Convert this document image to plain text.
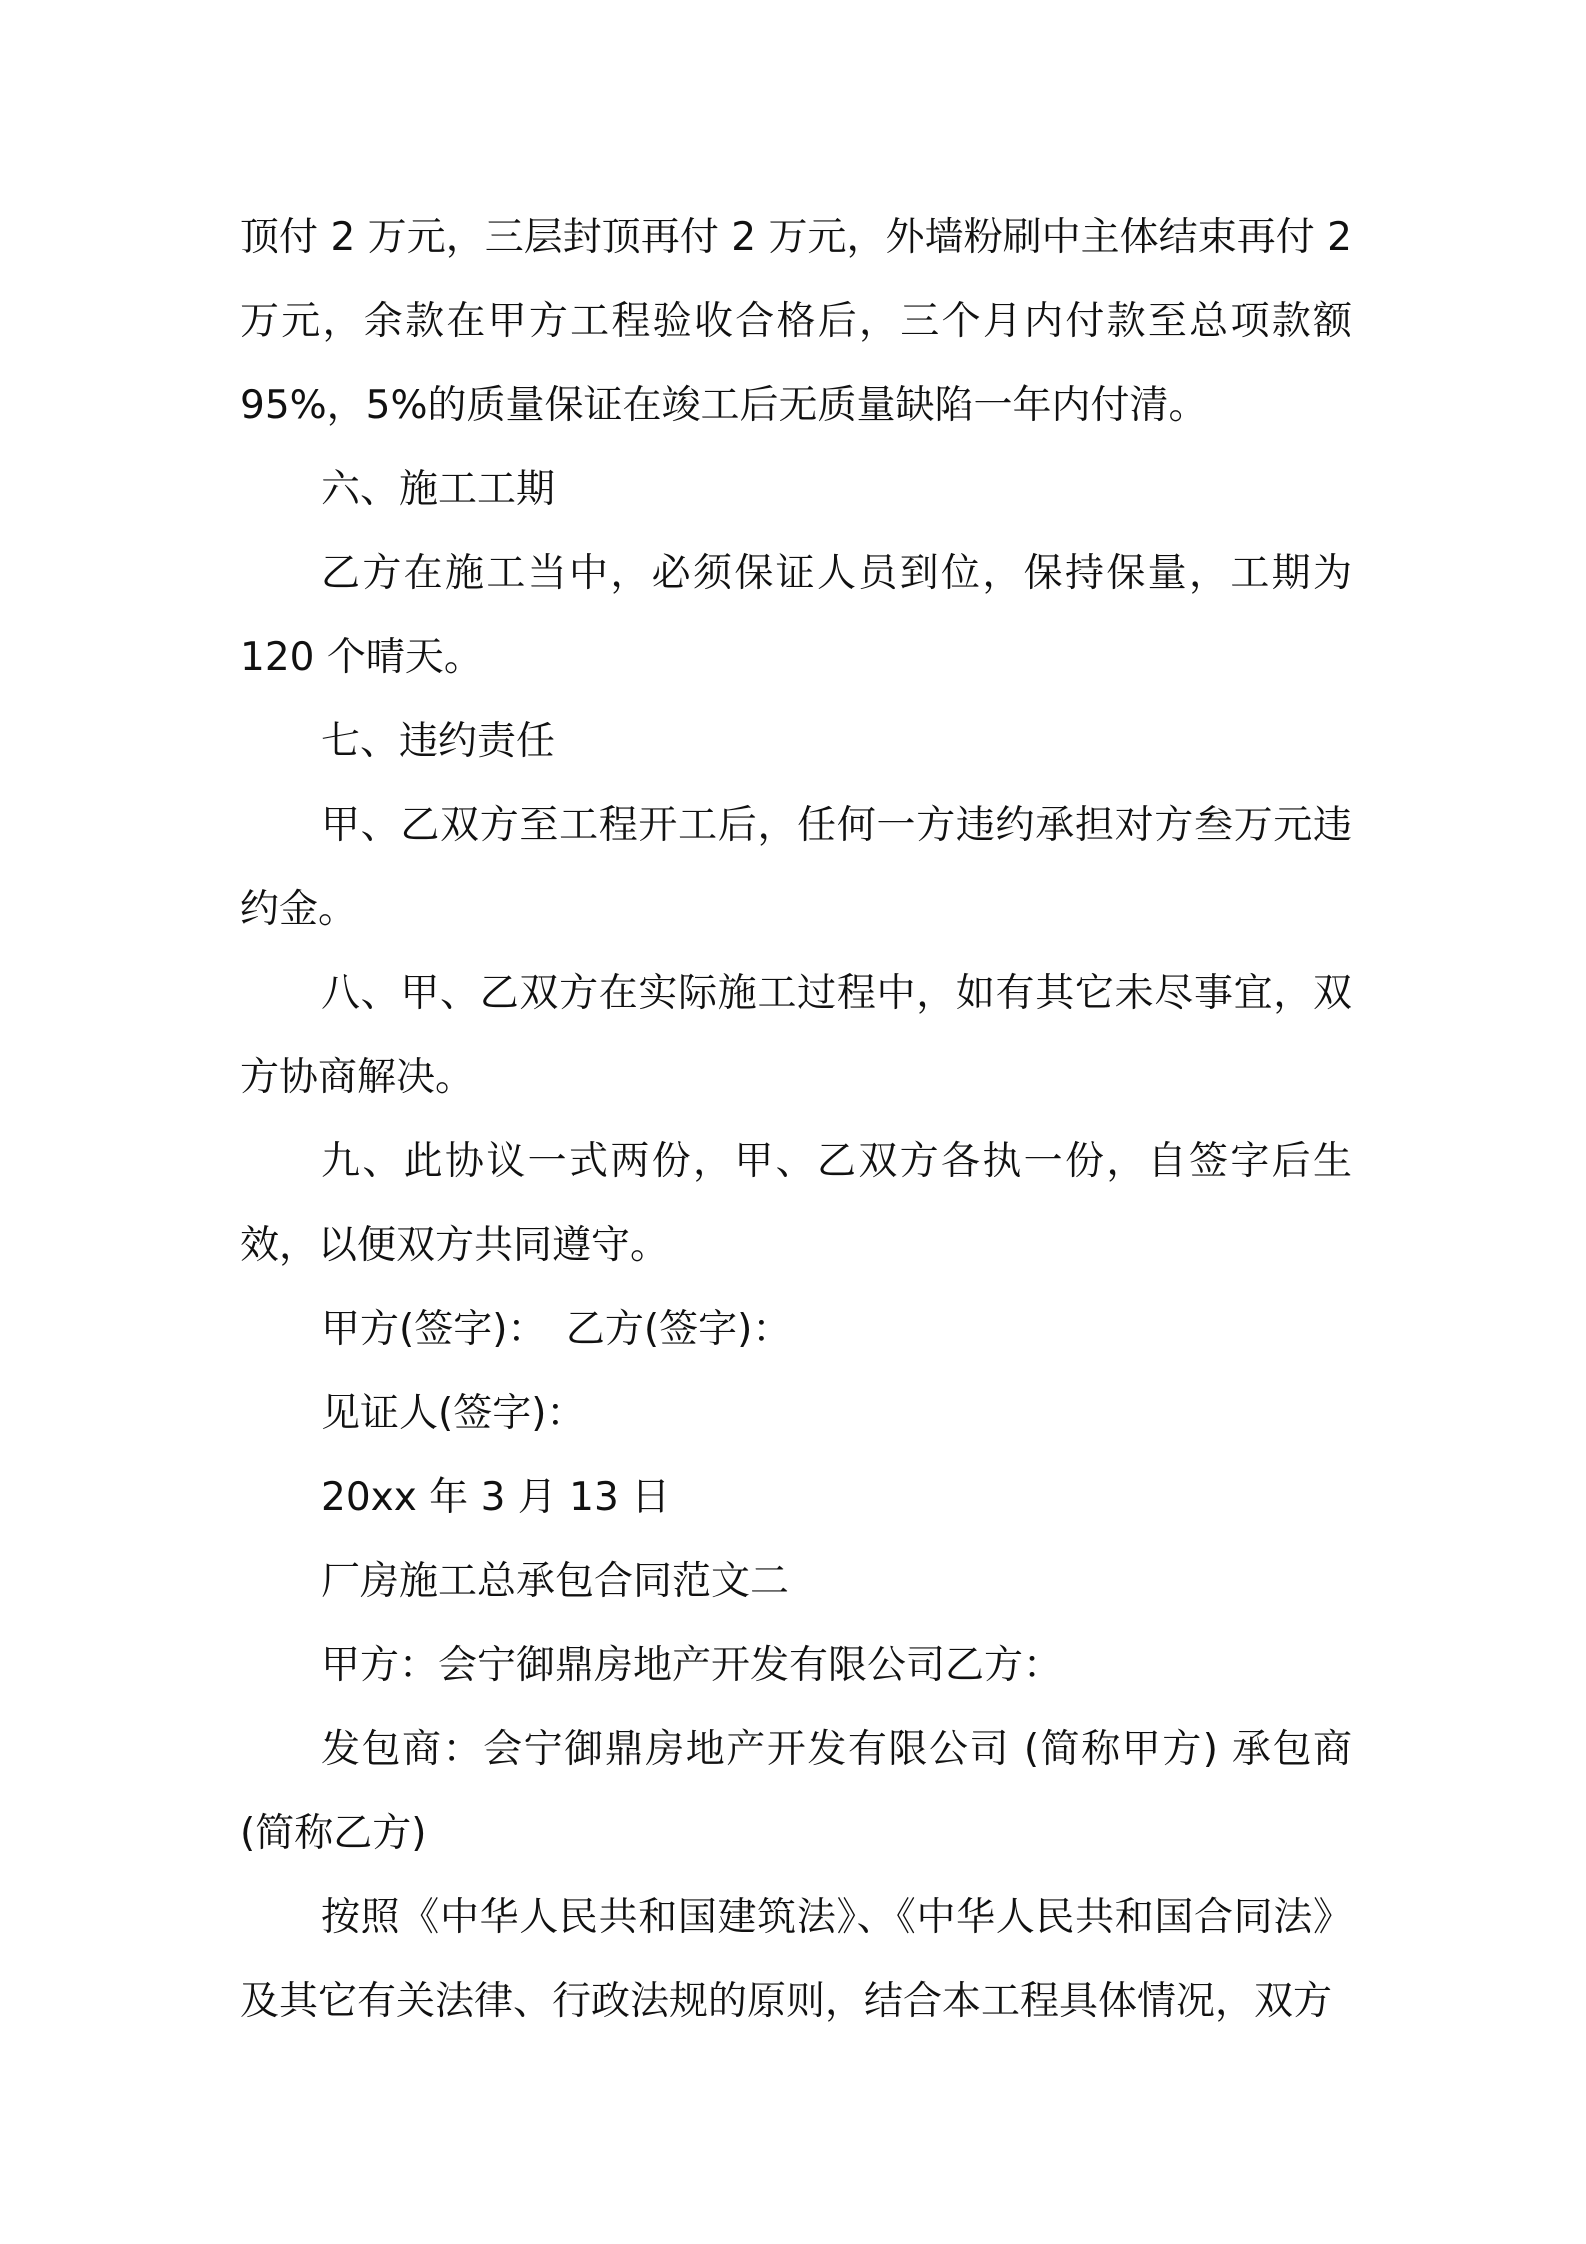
顶付 2 万元，三层封顶再付 2 万元，外墙粉刷中主体结束再付 2 万元，余款在甲方工程验收合格后，三个月内付款至总项款额 95%，5%的质量保证在竣工后无质量缺陷一年内付清。

六、施工工期

乙方在施工当中，必须保证人员到位，保持保量，工期为 120 个晴天。

七、违约责任

甲、乙双方至工程开工后，任何一方违约承担对方叁万元违约金。

八、甲、乙双方在实际施工过程中，如有其它未尽事宜，双方协商解决。

九、此协议一式两份，甲、乙双方各执一份，自签字后生效，以便双方共同遵守。

甲方(签字)：　乙方(签字)：

见证人(签字)：

20xx 年 3 月 13 日

厂房施工总承包合同范文二

甲方：会宁御鼎房地产开发有限公司乙方：

发包商：会宁御鼎房地产开发有限公司 (简称甲方) 承包商 (简称乙方)

按照《中华人民共和国建筑法》、《中华人民共和国合同法》及其它有关法律、行政法规的原则，结合本工程具体情况，双方
